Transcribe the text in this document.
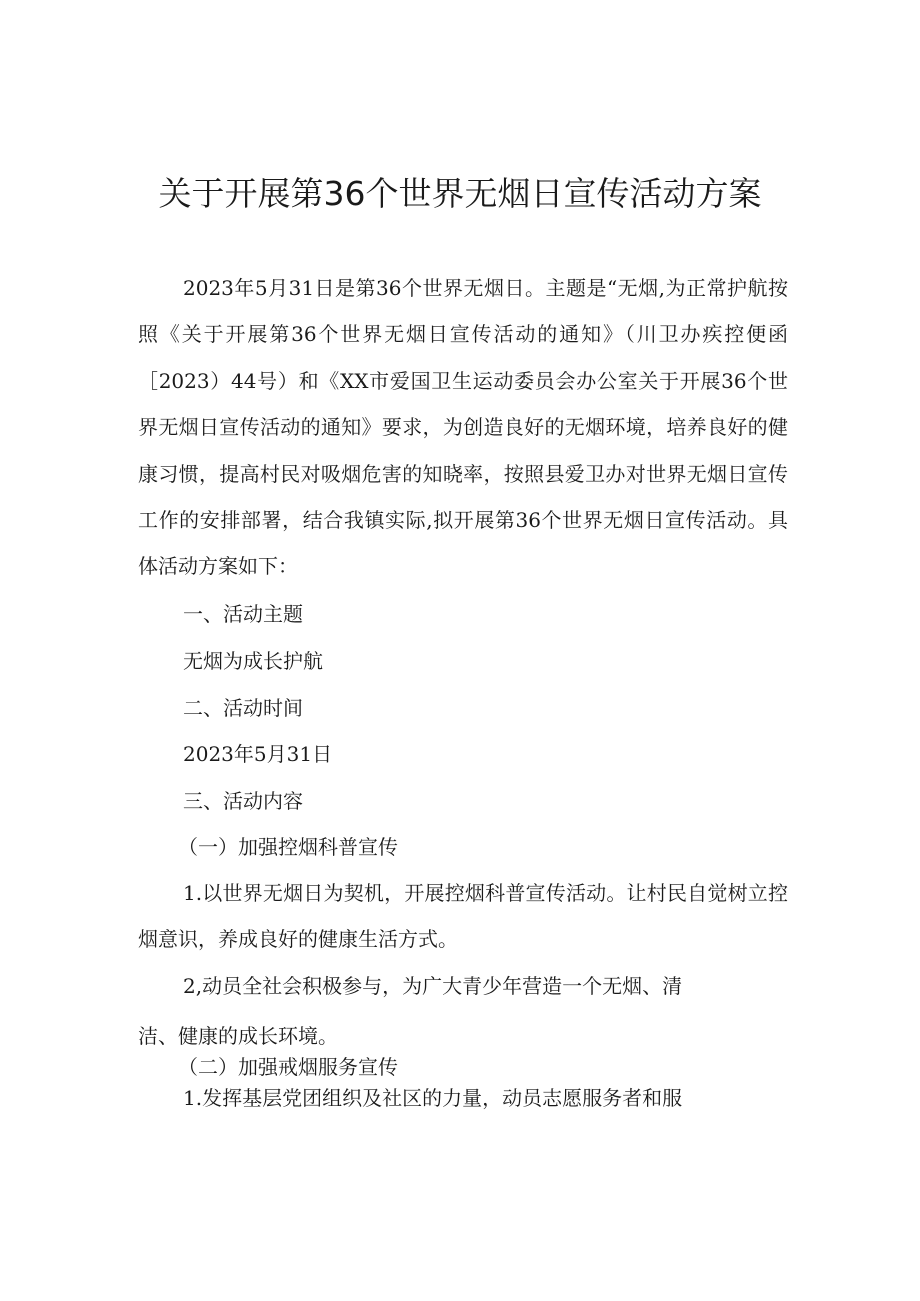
关于开展第36个世界无烟日宣传活动方案

2023年5月31日是第36个世界无烟日。主题是“无烟,为正常护航按照《关于开展第36个世界无烟日宣传活动的通知》（川卫办疾控便函［2023）44号）和《XX市爱国卫生运动委员会办公室关于开展36个世界无烟日宣传活动的通知》要求，为创造良好的无烟环境，培养良好的健康习惯，提高村民对吸烟危害的知晓率，按照县爱卫办对世界无烟日宣传工作的安排部署，结合我镇实际,拟开展第36个世界无烟日宣传活动。具体活动方案如下：

一、活动主题

无烟为成长护航

二、活动时间

2023年5月31日

三、活动内容

（一）加强控烟科普宣传

1.以世界无烟日为契机，开展控烟科普宣传活动。让村民自觉树立控烟意识，养成良好的健康生活方式。

2,动员全社会积极参与，为广大青少年营造一个无烟、清

洁、健康的成长环境。

（二）加强戒烟服务宣传

1.发挥基层党团组织及社区的力量，动员志愿服务者和服
